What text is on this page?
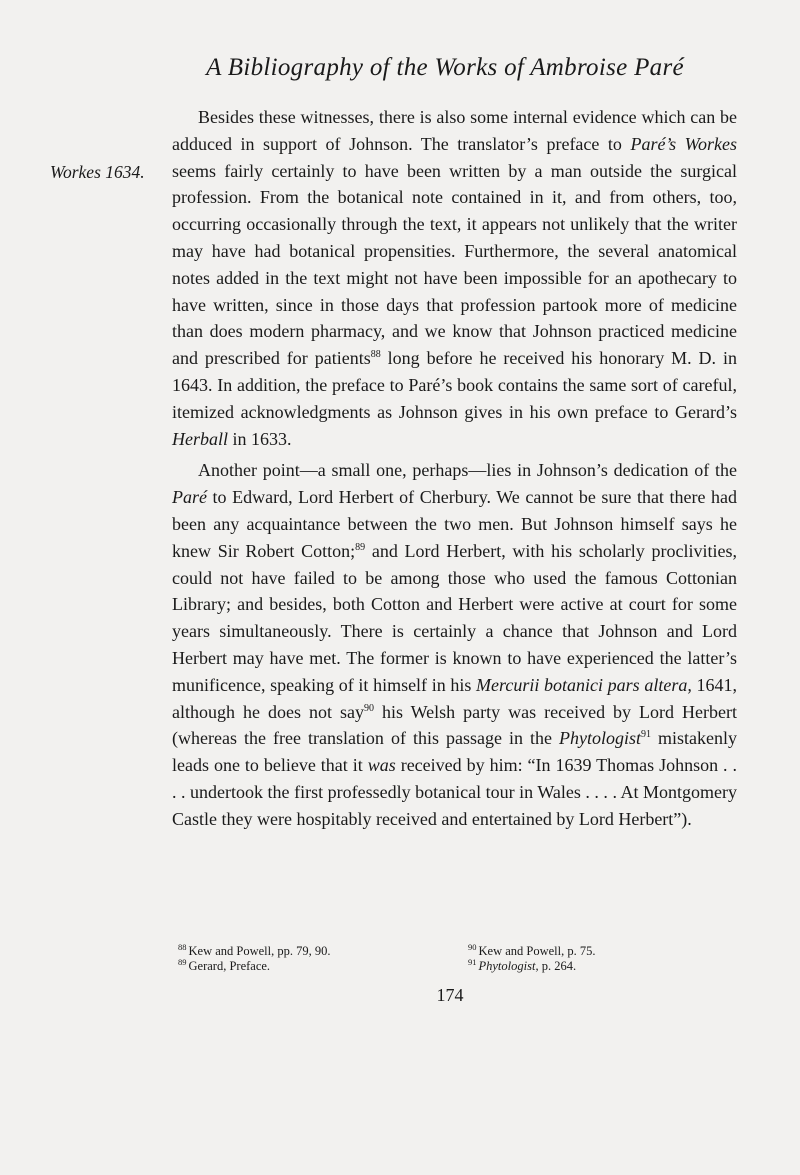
A Bibliography of the Works of Ambroise Paré
Workes 1634.

Besides these witnesses, there is also some internal evidence which can be adduced in support of Johnson. The translator’s preface to Paré’s Workes seems fairly certainly to have been written by a man outside the surgical profession. From the botanical note contained in it, and from others, too, occurring occasionally through the text, it appears not unlikely that the writer may have had botanical propensities. Furthermore, the several anatomical notes added in the text might not have been impossible for an apothecary to have written, since in those days that profession partook more of medicine than does modern pharmacy, and we know that Johnson practiced medicine and prescribed for patients$^{88}$ long before he received his honorary M. D. in 1643. In addition, the preface to Paré’s book contains the same sort of careful, itemized acknowledgments as Johnson gives in his own preface to Gerard’s Herball in 1633.

Another point—a small one, perhaps—lies in Johnson’s dedication of the Paré to Edward, Lord Herbert of Cherbury. We cannot be sure that there had been any acquaintance between the two men. But Johnson himself says he knew Sir Robert Cotton;$^{89}$ and Lord Herbert, with his scholarly proclivities, could not have failed to be among those who used the famous Cottonian Library; and besides, both Cotton and Herbert were active at court for some years simultaneously. There is certainly a chance that Johnson and Lord Herbert may have met. The former is known to have experienced the latter’s munificence, speaking of it himself in his Mercurii botanici pars altera, 1641, although he does not say$^{90}$ his Welsh party was received by Lord Herbert (whereas the free translation of this passage in the Phytologist$^{91}$ mistakenly leads one to believe that it was received by him: “In 1639 Thomas Johnson . . . . undertook the first professedly botanical tour in Wales . . . . At Montgomery Castle they were hospitably received and entertained by Lord Herbert”).

$^{88}$ Kew and Powell, pp. 79, 90.
$^{89}$ Gerard, Preface.
$^{90}$ Kew and Powell, p. 75.
$^{91}$ Phytologist, p. 264.
174
